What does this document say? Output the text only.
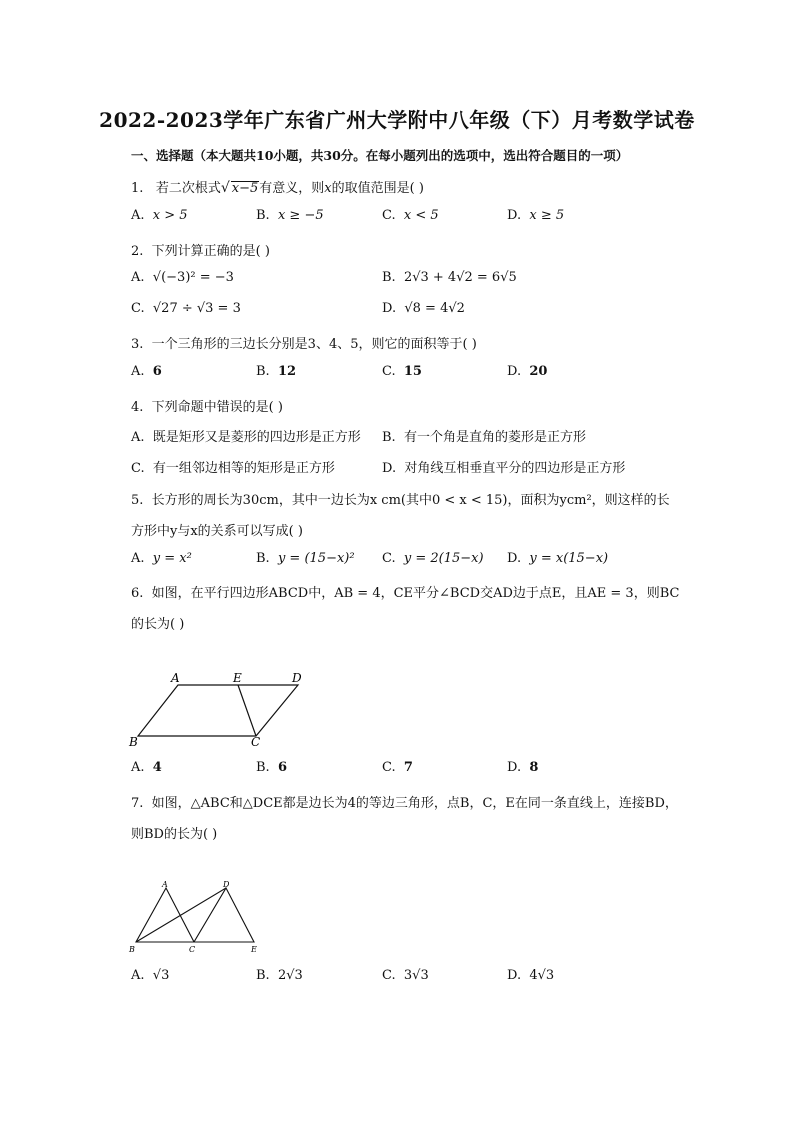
2022-2023学年广东省广州大学附中八年级（下）月考数学试卷
一、选择题（本大题共10小题，共30分。在每小题列出的选项中，选出符合题目的一项）
1. 若二次根式√ x−5有意义，则x的取值范围是( )
A. x > 5	B. x ≥ −5	C. x < 5	D. x ≥ 5
2. 下列计算正确的是( )
A. √(−3)² = −3	B. 2√3 + 4√2 = 6√5
C. √27 ÷ √3 = 3	D. √8 = 4√2
3. 一个三角形的三边长分别是3、4、5，则它的面积等于( )
A. 6	B. 12	C. 15	D. 20
4. 下列命题中错误的是( )
A. 既是矩形又是菱形的四边形是正方形 B. 有一个角是直角的菱形是正方形
C. 有一组邻边相等的矩形是正方形	D. 对角线互相垂直平分的四边形是正方形
5. 长方形的周长为30cm，其中一边长为x cm(其中0 < x < 15)，面积为ycm²，则这样的长
方形中y与x的关系可以写成( )
A. y = x²	B. y = (15−x)² C. y = 2(15−x) D. y = x(15−x)
6. 如图，在平行四边形ABCD中，AB = 4，CE平分∠BCD交AD边于点E，且AE = 3，则BC
的长为( )
A	E	D
B	C
A. 4	B. 6	C. 7	D. 8
7. 如图，△ABC和△DCE都是边长为4的等边三角形，点B，C，E在同一条直线上，连接BD，
则BD的长为( )
A	D
B	C	E
A. √3	B. 2√3	C. 3√3	D. 4√3
